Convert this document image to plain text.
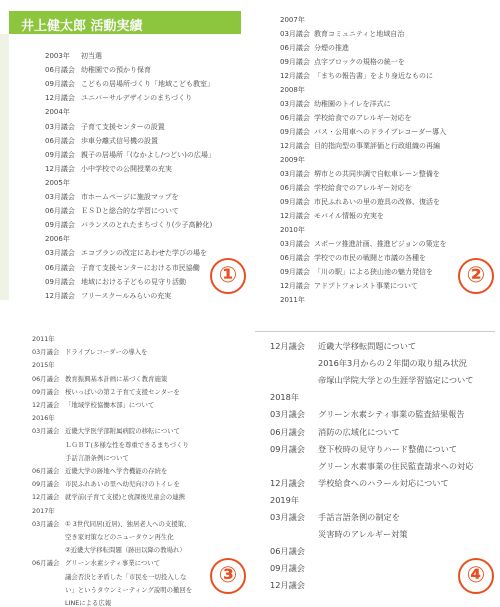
井上健太郎 活動実績
2003年 初当選
06月議会 幼稚園での預かり保育
09月議会 こどもの居場所づくり「地域こども教室」
12月議会 ユニバーサルデザインのまちづくり
2004年
03月議会 子育て支援センターの設置
06月議会 歩車分離式信号機の設置
09月議会 親子の居場所「(なかよし/つどい)の広場」
12月議会 小中学校での公開授業の充実
2005年
03月議会 市ホームページに施設マップを
06月議会 ＥＳＤと総合的な学習について
09月議会 バランスのとれたまちづくり(少子高齢化)
2006年
03月議会 エコプランの改定にあわせた学びの場を
06月議会 子育て支援センターにおける市民協働
09月議会 地域における子どもの見守り活動
12月議会 フリースクールみらいの充実
2007年
03月議会 教育コミュニティと地域自治
06月議会 分煙の推進
09月議会 点字ブロックの規格の統一を
12月議会 「まちの報告書」をより身近なものに
2008年
03月議会 幼稚園のトイレを洋式に
06月議会 学校給食でのアレルギー対応を
09月議会 バス・公用車へのドライブレコーダー導入
12月議会 目的指向型の事業評価と行政組織の再編
2009年
03月議会 堺市との共同歩調で自転車レーン整備を
06月議会 学校給食でのアレルギー対応を
09月議会 市民ふれあいの里の遊具の改修、復活を
12月議会 モバイル情報の充実を
2010年
03月議会 スポーツ推進計画、推進ビジョンの策定を
06月議会 学校での市民の戦闘と市議の各種を
09月議会 「川の駅」による狭山池の魅力発信を
12月議会 アドプトフォレスト事業について
2011年
2011年
03月議会 ドライブレコーダーの導入を
2015年
06月議会 教育振興基本計画に基づく教育施策
09月議会 桜いっぱいの第２子育て支援センターを
12月議会 「地域学校協働本部」について
2016年
03月議会 近畿大学医学部附属病院の移転について
ＬＧＢＴ(多様な性を尊重できるまちづくり
手話言語条例について
06月議会 近畿大学の跡地へ学舎機能の存続を
09月議会 市民ふれあいの里へ幼児向けのトイレを
12月議会 就学前(子育て支援)と放課後児童会の連携
2017年
03月議会 ① 3世代同居(近居)、独居老人への支援策、
空き家対策などのニュータウン再生化
②近畿大学移転問題（跡田以降の教場れ）
06月議会 グリーン水素シティ事業について
議会否決と矛盾した「市民を一切投入しな
い」というタウンミーティング説明の撤回を
LINEによる広報
12月議会 近畿大学移転問題について
2016年3月からの２年間の取り組み状況
帝塚山学院大学との生涯学習協定について
2018年
03月議会 グリーン水素シティ事業の監査結果報告
06月議会 消防の広域化について
09月議会 登下校時の見守りハード整備について
グリーン水素事業の住民監査請求への対応
12月議会 学校給食へのハラール対応について
2019年
03月議会 手話言語条例の制定を
災害時のアレルギー対策
06月議会
09月議会
12月議会
①	②
③	④
